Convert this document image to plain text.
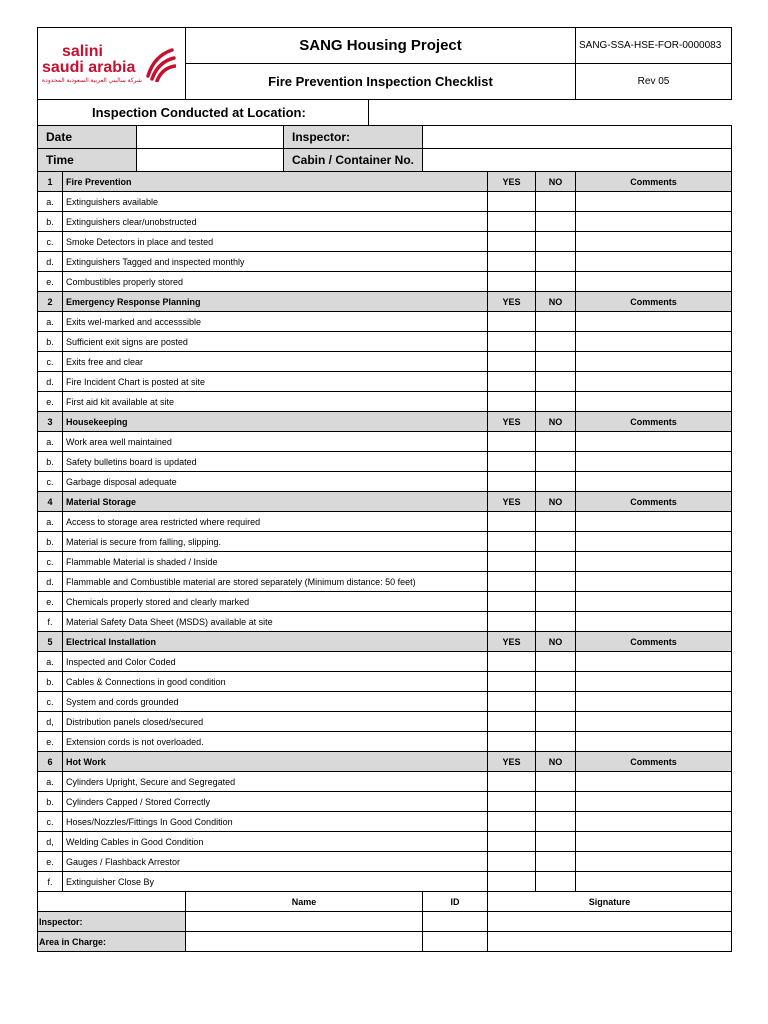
salini
saudi arabia
شركة ساليني العربية السعودية المحدودة	SANG Housing Project	SANG-SSA-HSE-FOR-0000083
	Fire Prevention Inspection Checklist	Rev 05
Inspection Conducted at Location:	
Date		Inspector:	
Time		Cabin / Container No.	
1	Fire Prevention	YES	NO	Comments
a.	Extinguishers available			
b.	Extinguishers clear/unobstructed			
c.	Smoke Detectors in place and tested			
d.	Extinguishers Tagged and inspected monthly			
e.	Combustibles properly stored			
2	Emergency Response Planning	YES	NO	Comments
a.	Exits wel-marked and accesssible			
b.	Sufficient exit signs are posted			
c.	Exits free and clear			
d.	Fire Incident Chart is posted at site			
e.	First aid kit available at site			
3	Housekeeping	YES	NO	Comments
a.	Work area well maintained			
b.	Safety bulletins board is updated			
c.	Garbage disposal adequate			
4	Material Storage	YES	NO	Comments
a.	Access to storage area restricted where required			
b.	Material is secure from falling, slipping.			
c.	Flammable Material is shaded / Inside			
d.	Flammable and Combustible material are stored separately (Minimum distance: 50 feet)			
e.	Chemicals properly stored and clearly marked			
f.	Material Safety Data Sheet (MSDS) available at site			
5	Electrical Installation	YES	NO	Comments
a.	Inspected and Color Coded			
b.	Cables & Connections in good condition			
c.	System and cords grounded			
d,	Distribution panels closed/secured			
e.	Extension cords is not overloaded.			
6	Hot Work	YES	NO	Comments
a.	Cylinders Upright, Secure and Segregated			
b.	Cylinders Capped / Stored Correctly			
c.	Hoses/Nozzles/Fittings In Good Condition			
d,	Welding Cables in Good Condition			
e.	Gauges / Flashback Arrestor			
f.	Extinguisher Close By			
	Name	ID	Signature
Inspector:			
Area in Charge:			
